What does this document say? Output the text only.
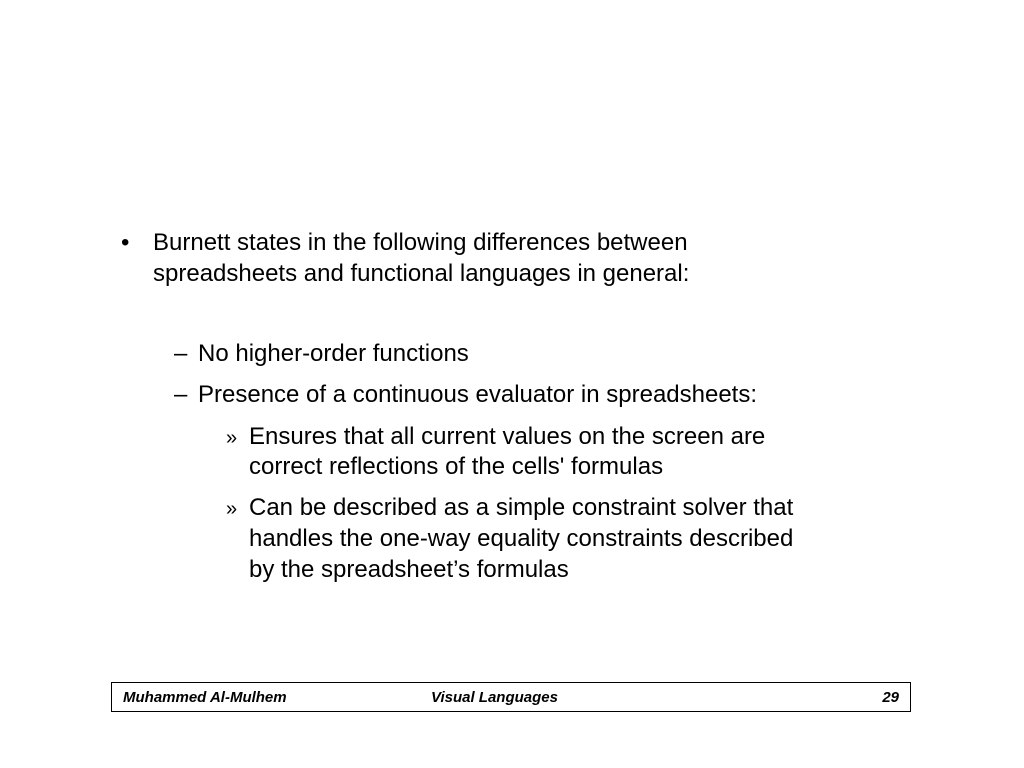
• Burnett states in the following differences between
spreadsheets and functional languages in general:
– No higher-order functions
– Presence of a continuous evaluator in spreadsheets:
» Ensures that all current values on the screen are
correct reflections of the cells' formulas
» Can be described as a simple constraint solver that
handles the one-way equality constraints described
by the spreadsheet’s formulas
Muhammed Al-Mulhem	Visual Languages	29
